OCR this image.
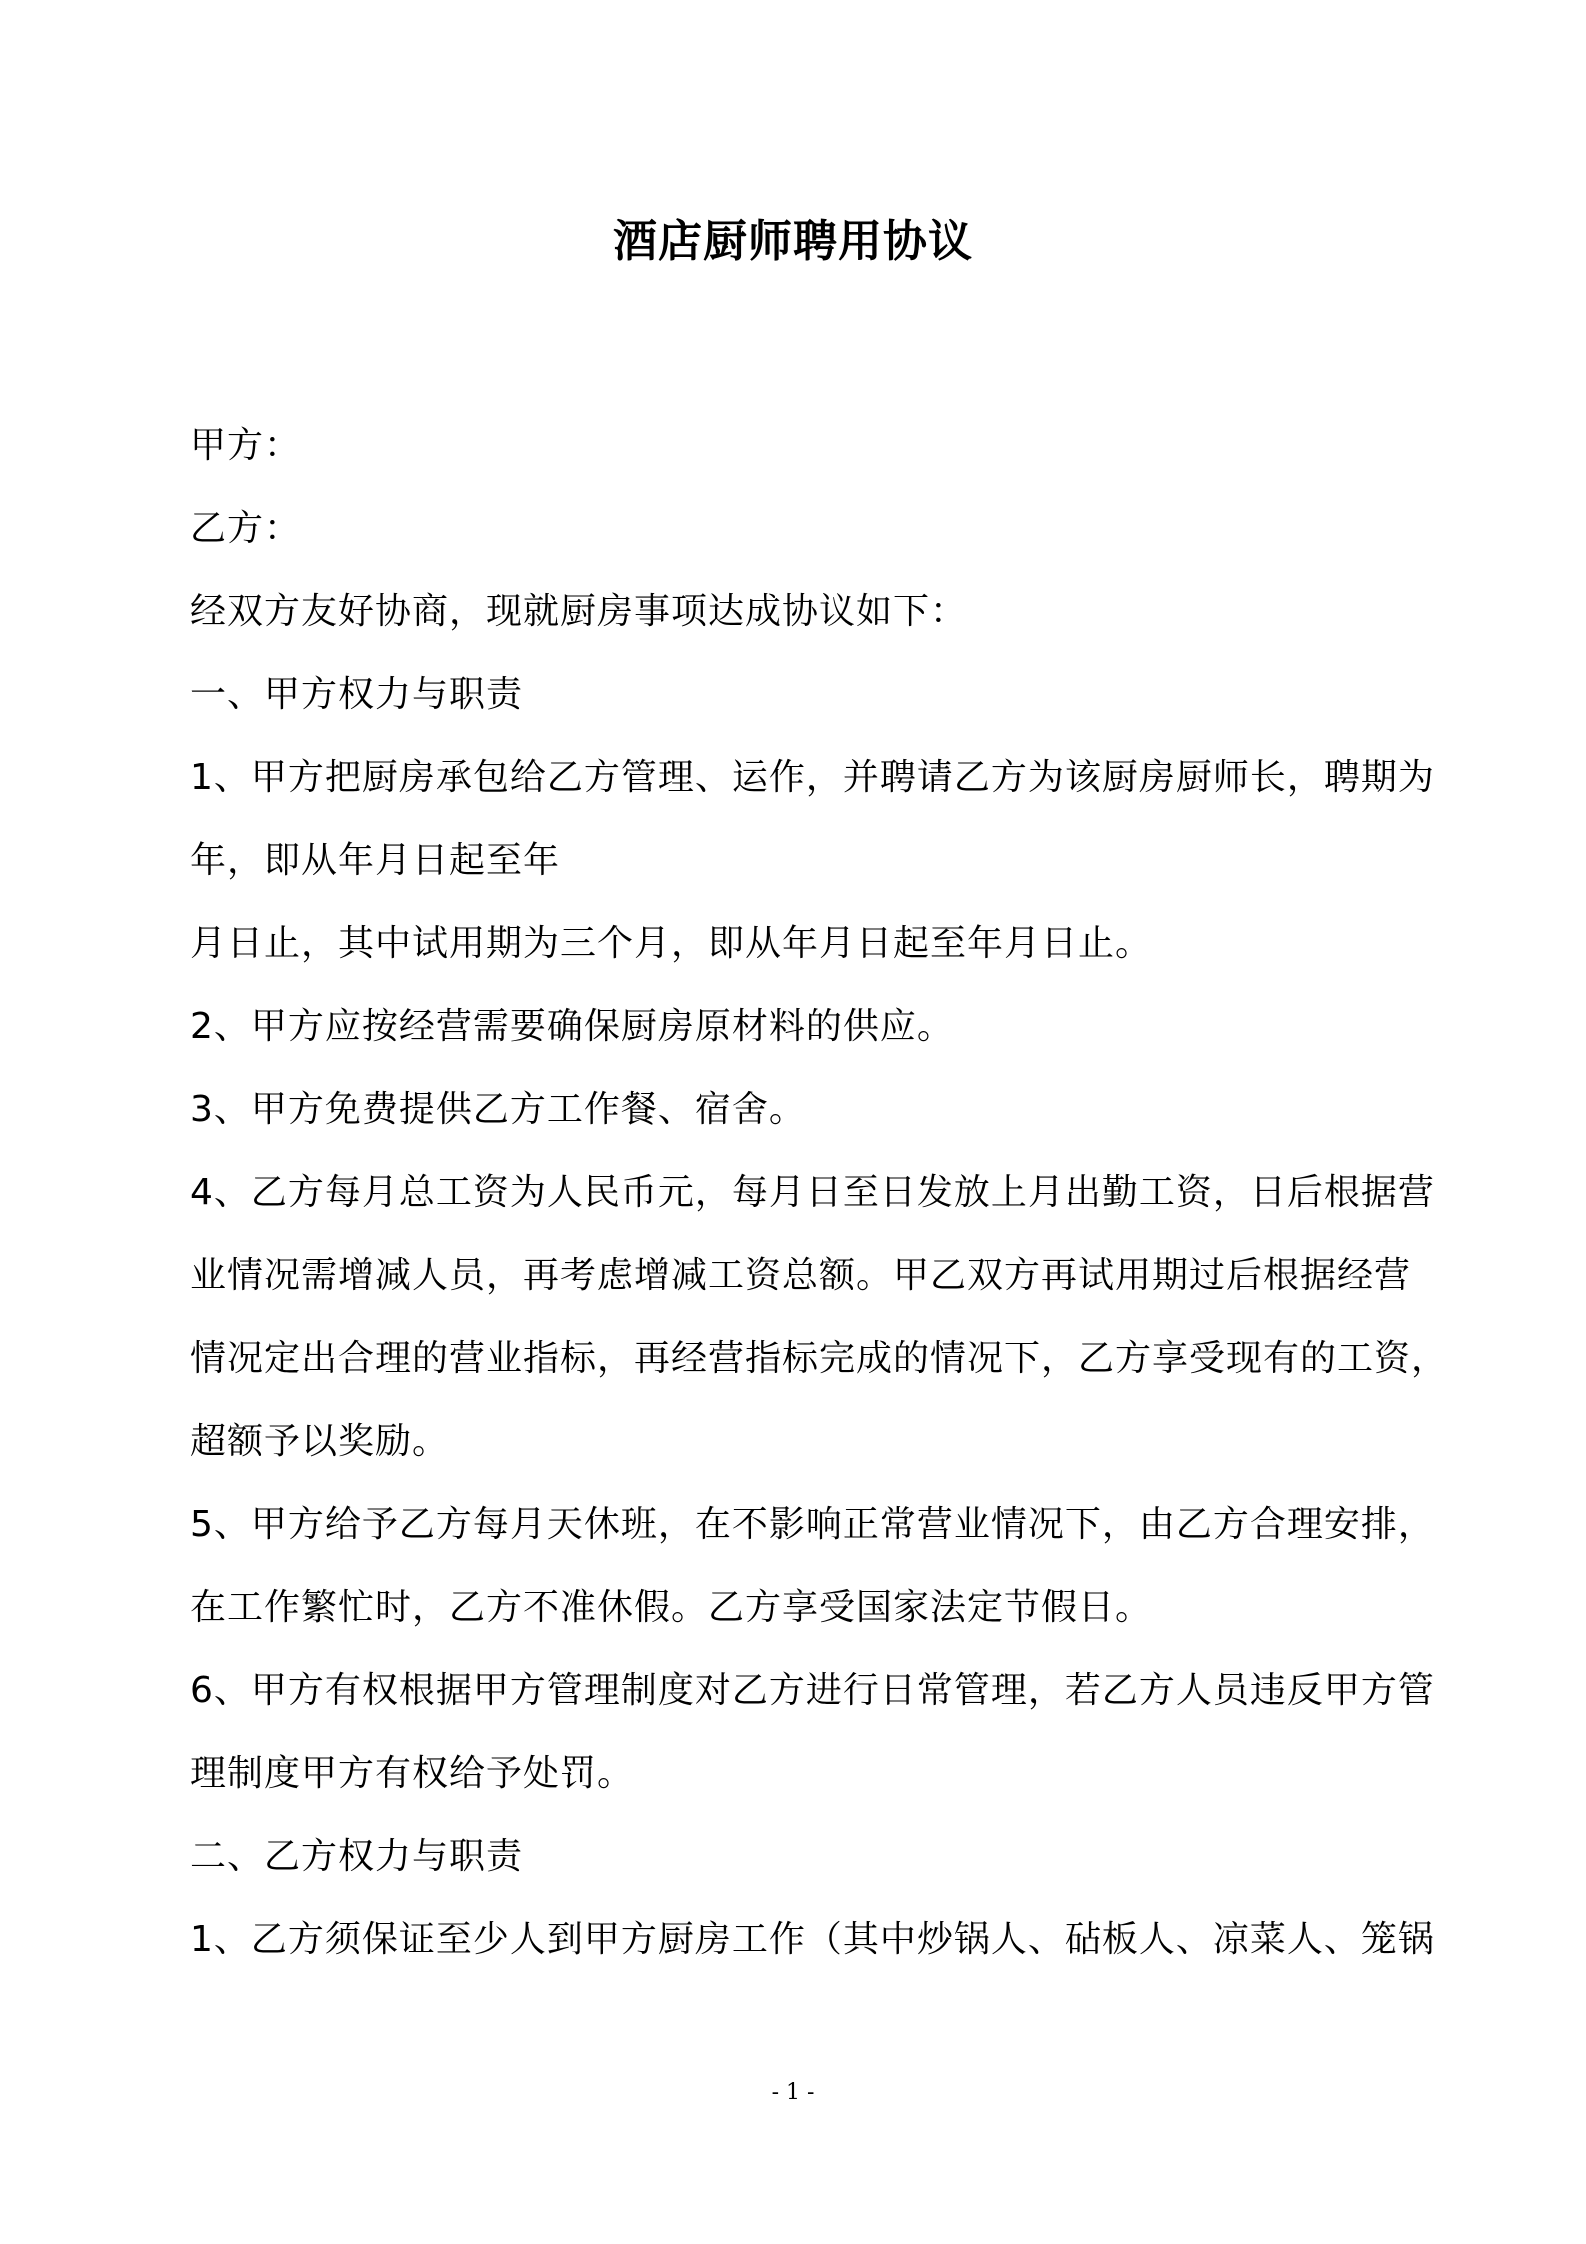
酒店厨师聘用协议
甲方：
乙方：
经双方友好协商，现就厨房事项达成协议如下：
一、甲方权力与职责
1、甲方把厨房承包给乙方管理、运作，并聘请乙方为该厨房厨师长，聘期为
年，即从年月日起至年
月日止，其中试用期为三个月，即从年月日起至年月日止。
2、甲方应按经营需要确保厨房原材料的供应。
3、甲方免费提供乙方工作餐、宿舍。
4、乙方每月总工资为人民币元，每月日至日发放上月出勤工资，日后根据营
业情况需增减人员，再考虑增减工资总额。甲乙双方再试用期过后根据经营
情况定出合理的营业指标，再经营指标完成的情况下，乙方享受现有的工资，
超额予以奖励。
5、甲方给予乙方每月天休班，在不影响正常营业情况下，由乙方合理安排，
在工作繁忙时，乙方不准休假。乙方享受国家法定节假日。
6、甲方有权根据甲方管理制度对乙方进行日常管理，若乙方人员违反甲方管
理制度甲方有权给予处罚。
二、乙方权力与职责
1、乙方须保证至少人到甲方厨房工作（其中炒锅人、砧板人、凉菜人、笼锅
- 1 -
